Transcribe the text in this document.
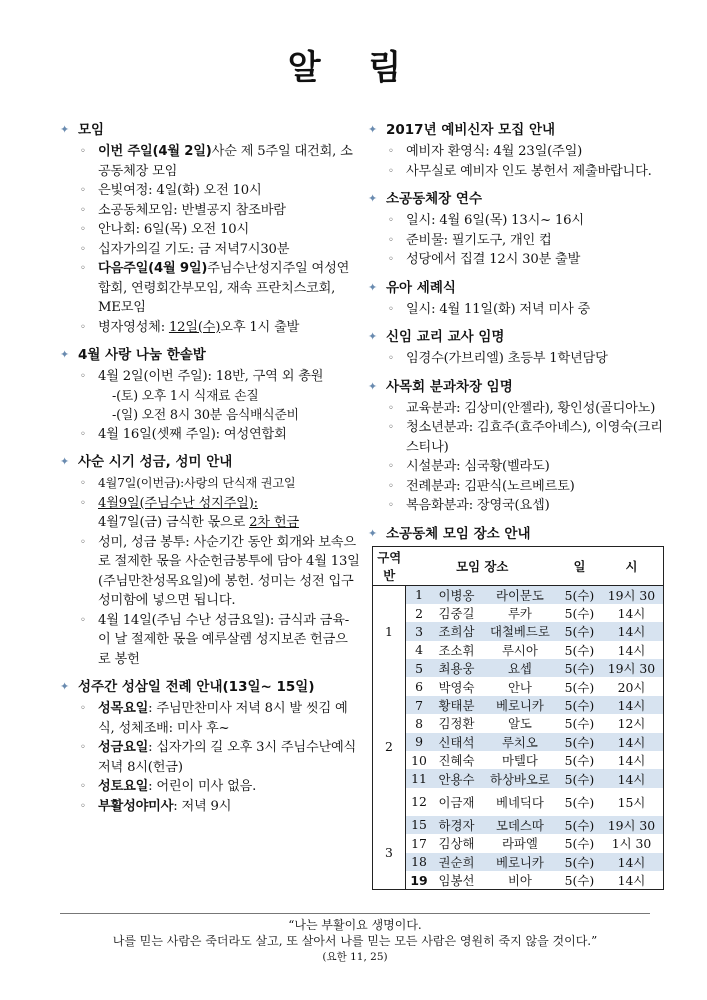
알 림
✦ 모임
◦ 이번 주일(4월 2일)사순 제 5주일 대건회, 소공동체장 모임
◦ 은빛여정: 4일(화) 오전 10시
◦ 소공동체모임: 반별공지 참조바람
◦ 안나회: 6일(목) 오전 10시
◦ 십자가의길 기도: 금 저녁7시30분
◦ 다음주일(4월 9일)주님수난성지주일 여성연합회, 연령회간부모임, 재속 프란치스코회, ME모임
◦ 병자영성체: 12일(수)오후 1시 출발
✦ 4월 사랑 나눔 한솥밥
◦ 4월 2일(이번 주일): 18반, 구역 외 총원
-(토) 오후 1시 식재료 손질
-(일) 오전 8시 30분 음식배식준비
◦ 4월 16일(셋째 주일): 여성연합회
✦ 사순 시기 성금, 성미 안내
◦ 4월7일(이번금):사랑의 단식재 권고일
◦ 4월9일(주님수난 성지주일):
4월7일(금) 금식한 몫으로 2차 헌금
◦ 성미, 성금 봉투: 사순기간 동안 회개와 보속으로 절제한 몫을 사순헌금봉투에 담아 4월 13일(주님만찬성목요일)에 봉헌. 성미는 성전 입구 성미함에 넣으면 됩니다.
◦ 4월 14일(주님 수난 성금요일): 금식과 금육- 이 날 절제한 몫을 예루살렘 성지보존 헌금으로 봉헌
✦ 성주간 성삼일 전례 안내(13일~ 15일)
◦ 성목요일: 주님만찬미사 저녁 8시 발 씻김 예식, 성체조배: 미사 후~
◦ 성금요일: 십자가의 길 오후 3시 주님수난예식 저녁 8시(헌금)
◦ 성토요일: 어린이 미사 없음.
◦ 부활성야미사: 저녁 9시
✦ 2017년 예비신자 모집 안내
◦ 예비자 환영식: 4월 23일(주일)
◦ 사무실로 예비자 인도 봉헌서 제출바랍니다.
✦ 소공동체장 연수
◦ 일시: 4월 6일(목) 13시~ 16시
◦ 준비물: 필기도구, 개인 컵
◦ 성당에서 집결 12시 30분 출발
✦ 유아 세례식
◦ 일시: 4월 11일(화) 저녁 미사 중
✦ 신임 교리 교사 임명
◦ 임경수(가브리엘) 초등부 1학년담당
✦ 사목회 분과차장 임명
◦ 교육분과: 김상미(안젤라), 황인성(골디아노)
◦ 청소년분과: 김효주(효주아녜스), 이영숙(크리스티나)
◦ 시설분과: 심국황(벨라도)
◦ 전례분과: 김판식(노르베르토)
◦ 복음화분과: 장영국(요셉)
✦ 소공동체 모임 장소 안내
구역반	모임 장소			일	시
1	1	이병옹	라이문도	5(수)	19시 30
	2	김중길	루카	5(수)	14시
	3	조희삼	대철베드로	5(수)	14시
	4	조소휘	루시아	5(수)	14시
	5	최용웅	요셉	5(수)	19시 30
2	6	박영숙	안나	5(수)	20시
	7	황태분	베로니카	5(수)	14시
	8	김정환	알도	5(수)	12시
	9	신태석	루치오	5(수)	14시
	10	진혜숙	마텔다	5(수)	14시
	11	안용수	하상바오로	5(수)	14시
	12	이금재	베네딕다	5(수)	15시
3	15	하경자	모데스따	5(수)	19시 30
	17	김상해	라파엘	5(수)	1시 30
	18	권순희	베로니카	5(수)	14시
	19	임봉선	비아	5(수)	14시
“나는 부활이요 생명이다.
나를 믿는 사람은 죽더라도 살고, 또 살아서 나를 믿는 모든 사람은 영원히 죽지 않을 것이다.”
(요한 11, 25)
